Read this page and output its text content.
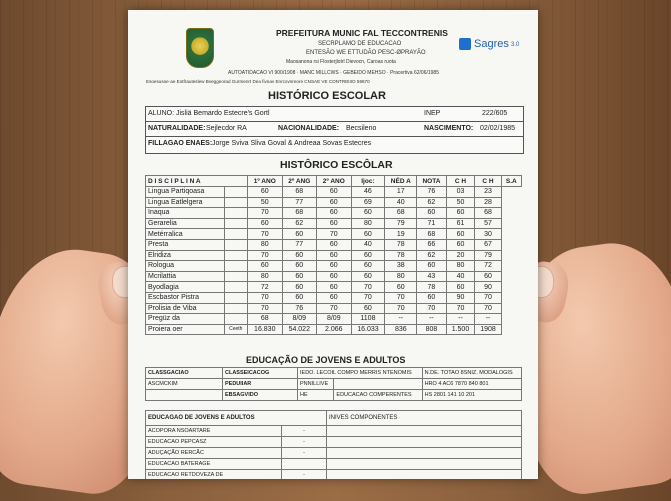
PREFEITURA MUNIC FAL TECCONTRENIS
SECRPLAMO DE EDUCACAO
ENTESÃO WE ETTUDÃO PESC-ØPRAYÃO
Maosanona rsi Flosterjlotrl Dievocn, Caroas ruota
AUTOATIDACAO VI 900/1908 · MANC MILLCWS · GEBEIDO MEHSO · Pracertiva 62/06/1985
Esoesusoe·ae Eotfrauteslew Bveggeorad Gurmenrt Dea fivnav Enrcovnreore CNSAE VE CONTRIEIIO 59670
Sagres 3.0
HISTÓRICO ESCOLAR
ALUNO: Jisliä Bemardo Estecre's Gortl	INEP	222/605
NATURALIDADE: Sejlecdor RA	NACIONALIDADE: Becsileno	NASCIMENTO: 02/02/1985
FILLAGAO ENAES: Jorge Sviva Sliva Goval & Andreaa Sovas Estecres
HISTÔRICO ESCÔLAR
D I S C I P L I N A		1º ANO	2º ANG	2º ANO	Ijoc:	NÉD A	NOTA	C H	C H	S.A
Lingua Partiqoasa		60	68	60	46	17	76	03	23	
Lingua Eatlelgera		50	77	60	69	40	62	50	28	
Inaqua		70	68	60	60	68	60	60	68	
Gerarelia		60	62	60	80	79	71	61	57	
Metérralica		70	60	70	60	19	68	60	30	
Presta		80	77	60	40	78	66	60	67	
Elridiza		70	60	60	60	78	62	20	79	
Rologua		60	60	60	60	38	60	80	72	
Mcrilattia		80	60	60	60	80	43	40	60	
Byodlagia		72	60	60	70	60	78	60	90	
Escbastor Pistra		70	60	60	70	70	60	90	70	
Prolisia de Viba		70	76	70	60	70	70	70	70	
Pregüz da		68	8/09	8/09	1108	--	--	--	--	
Proiera oer	Ceeth	16.830	54.022	2.066	16.033	836	808	1.500	1908	
EDUCAÇÃO DE JOVENS E ADULTOS
CLASSGACIAO	CLASSEICACOG	IEDO. LECOIL COMPO MERRIS NTENOMIS		N.DE. TOTAO 8SNIZ. MODALOGIS
ASCMCKIM	PEDUIIAR	PNNILLIVE		HRO 4 AC6 7870 840 801
	EBSAGVIDO	HE	EDUCACAO COMPERENTES	HS 2801 141 10 201
EDUCAGAO DE JOVENS E ADULTOS		INIVES COMPONENTES
ACOPORA NSOARTARE	-	
EDUCACAO PEPCASZ	-	
ADUÇAÇÃO RERCÃC	-	
EDUCACAO BATERAGE		
EDUCACAO RETDOVEZA DE	-	
